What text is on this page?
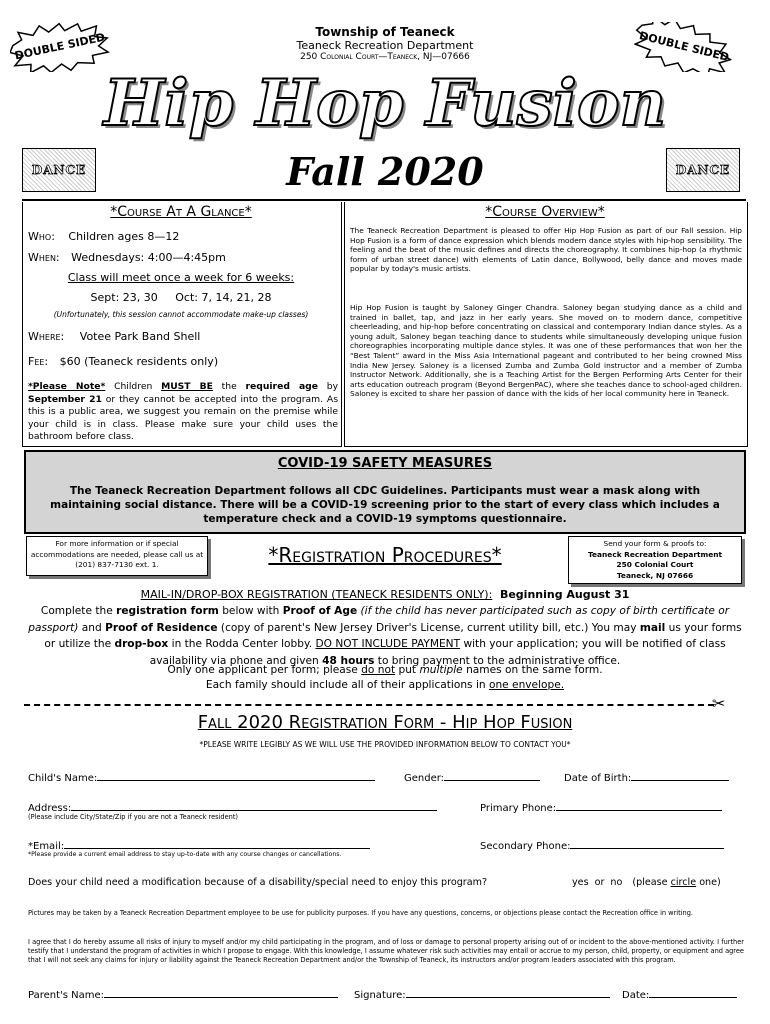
DOUBLE SIDED	DOUBLE SIDED
Township of Teaneck
Teaneck Recreation Department
250 Colonial Court—Teaneck, NJ—07666
Hip Hop Fusion
DANCE	DANCE
Fall 2020
*Course At A Glance*
Who: Children ages 8—12
When: Wednesdays: 4:00—4:45pm
Class will meet once a week for 6 weeks:
Sept: 23, 30     Oct: 7, 14, 21, 28
(Unfortunately, this session cannot accommodate make-up classes)
Where: Votee Park Band Shell
Fee: $60 (Teaneck residents only)
*Please Note* Children MUST BE the required age by September 21 or they cannot be accepted into the program. As this is a public area, we suggest you remain on the premise while your child is in class. Please make sure your child uses the bathroom before class.
*Course Overview*
The Teaneck Recreation Department is pleased to offer Hip Hop Fusion as part of our Fall session. Hip Hop Fusion is a form of dance expression which blends modern dance styles with hip-hop sensibility. The feeling and the beat of the music defines and directs the choreography. It combines hip-hop (a rhythmic form of urban street dance) with elements of Latin dance, Bollywood, belly dance and moves made popular by today's music artists.
Hip Hop Fusion is taught by Saloney Ginger Chandra. Saloney began studying dance as a child and trained in ballet, tap, and jazz in her early years. She moved on to modern dance, competitive cheerleading, and hip-hop before concentrating on classical and contemporary Indian dance styles. As a young adult, Saloney began teaching dance to students while simultaneously developing unique fusion choreographies incorporating multiple dance styles. It was one of these performances that won her the “Best Talent” award in the Miss Asia International pageant and contributed to her being crowned Miss India New Jersey. Saloney is a licensed Zumba and Zumba Gold instructor and a member of Zumba Instructor Network. Additionally, she is a Teaching Artist for the Bergen Performing Arts Center for their arts education outreach program (Beyond BergenPAC), where she teaches dance to school-aged children. Saloney is excited to share her passion of dance with the kids of her local community here in Teaneck.
COVID-19 SAFETY MEASURES
The Teaneck Recreation Department follows all CDC Guidelines. Participants must wear a mask along with maintaining social distance. There will be a COVID-19 screening prior to the start of every class which includes a temperature check and a COVID-19 symptoms questionnaire.
For more information or if special accommodations are needed, please call us at (201) 837-7130 ext. 1.	*Registration Procedures*	Send your form & proofs to:
Teaneck Recreation Department
250 Colonial Court
Teaneck, NJ 07666
MAIL-IN/DROP-BOX REGISTRATION (TEANECK RESIDENTS ONLY):  Beginning August 31
Complete the registration form below with Proof of Age (if the child has never participated such as copy of birth certificate or passport) and Proof of Residence (copy of parent's New Jersey Driver's License, current utility bill, etc.) You may mail us your forms or utilize the drop-box in the Rodda Center lobby. DO NOT INCLUDE PAYMENT with your application; you will be notified of class availability via phone and given 48 hours to bring payment to the administrative office.
Only one applicant per form; please do not put multiple names on the same form.
Each family should include all of their applications in one envelope.
✂
Fall 2020 Registration Form - Hip Hop Fusion
*PLEASE WRITE LEGIBLY AS WE WILL USE THE PROVIDED INFORMATION BELOW TO CONTACT YOU*
Child's Name:	Gender:	Date of Birth:
Address:
(Please include City/State/Zip if you are not a Teaneck resident)
Primary Phone:
*Email:
*Please provide a current email address to stay up-to-date with any course changes or cancellations.
Secondary Phone:
Does your child need a modification because of a disability/special need to enjoy this program?	yes or no (please circle one)
Pictures may be taken by a Teaneck Recreation Department employee to be use for publicity purposes. If you have any questions, concerns, or objections please contact the Recreation office in writing.
I agree that I do hereby assume all risks of injury to myself and/or my child participating in the program, and of loss or damage to personal property arising out of or incident to the above-mentioned activity. I further testify that I understand the program of activities in which I propose to engage. With this knowledge, I assume whatever risk such activities may entail or accrue to my person, child, property, or equipment and agree that I will not seek any claims for injury or liability against the Teaneck Recreation Department and/or the Township of Teaneck, its instructors and/or program leaders associated with this program.
Parent's Name:	Signature:	Date:
